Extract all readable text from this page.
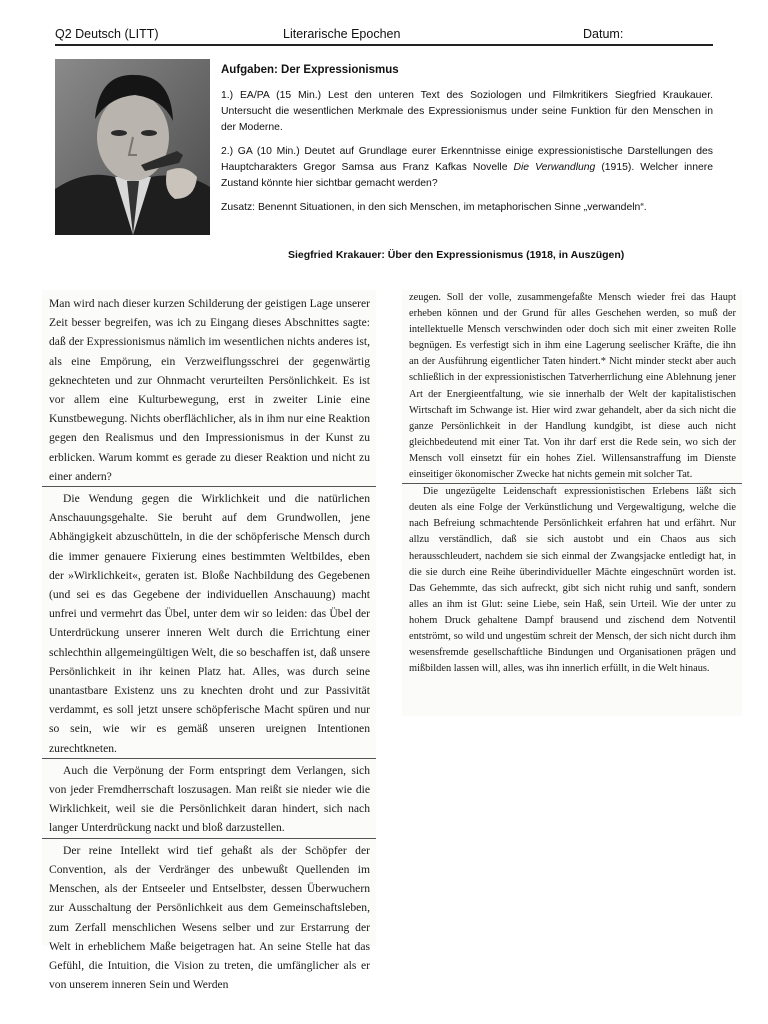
Q2 Deutsch (LITT)	Literarische Epochen	Datum:

Aufgaben: Der Expressionismus

1.) EA/PA (15 Min.) Lest den unteren Text des Soziologen und Filmkritikers Siegfried Kraukauer. Untersucht die wesentlichen Merkmale des Expressionismus under seine Funktion für den Menschen in der Moderne.

2.) GA (10 Min.) Deutet auf Grundlage eurer Erkenntnisse einige expressionistische Darstellungen des Hauptcharakters Gregor Samsa aus Franz Kafkas Novelle Die Verwandlung (1915). Welcher innere Zustand könnte hier sichtbar gemacht werden?

Zusatz: Benennt Situationen, in den sich Menschen, im metaphorischen Sinne „verwandeln“.

Siegfried Krakauer: Über den Expressionismus (1918, in Auszügen)

Man wird nach dieser kurzen Schilderung der geistigen Lage unserer Zeit besser begreifen, was ich zu Eingang dieses Abschnittes sagte: daß der Expressionismus nämlich im wesentlichen nichts anderes ist, als eine Empörung, ein Verzweiflungsschrei der gegenwärtig geknechteten und zur Ohnmacht verurteilten Persönlichkeit. Es ist vor allem eine Kulturbewegung, erst in zweiter Linie eine Kunstbewegung. Nichts oberflächlicher, als in ihm nur eine Reaktion gegen den Realismus und den Impressionismus in der Kunst zu erblicken. Warum kommt es gerade zu dieser Reaktion und nicht zu einer andern?

Die Wendung gegen die Wirklichkeit und die natürlichen Anschauungsgehalte. Sie beruht auf dem Grundwollen, jene Abhängigkeit abzuschütteln, in die der schöpferische Mensch durch die immer genauere Fixierung eines bestimmten Weltbildes, eben der »Wirklichkeit«, geraten ist. Bloße Nachbildung des Gegebenen (und sei es das Gegebene der individuellen Anschauung) macht unfrei und vermehrt das Übel, unter dem wir so leiden: das Übel der Unterdrückung unserer inneren Welt durch die Errichtung einer schlechthin allgemeingültigen Welt, die so beschaffen ist, daß unsere Persönlichkeit in ihr keinen Platz hat. Alles, was durch seine unantastbare Existenz uns zu knechten droht und zur Passivität verdammt, es soll jetzt unsere schöpferische Macht spüren und nur so sein, wie wir es gemäß unseren ureignen Intentionen zurechtkneten.

Auch die Verpönung der Form entspringt dem Verlangen, sich von jeder Fremdherrschaft loszusagen. Man reißt sie nieder wie die Wirklichkeit, weil sie die Persönlichkeit daran hindert, sich nach langer Unterdrückung nackt und bloß darzustellen.

Der reine Intellekt wird tief gehaßt als der Schöpfer der Convention, als der Verdränger des unbewußt Quellenden im Menschen, als der Entseeler und Entselbster, dessen Überwuchern zur Ausschaltung der Persönlichkeit aus dem Gemeinschaftsleben, zum Zerfall menschlichen Wesens selber und zur Erstarrung der Welt in erheblichem Maße beigetragen hat. An seine Stelle hat das Gefühl, die Intuition, die Vision zu treten, die umfänglicher als er von unserem inneren Sein und Werden

zeugen. Soll der volle, zusammengefaßte Mensch wieder frei das Haupt erheben können und der Grund für alles Geschehen werden, so muß der intellektuelle Mensch verschwinden oder doch sich mit einer zweiten Rolle begnügen. Es verfestigt sich in ihm eine Lagerung seelischer Kräfte, die ihn an der Ausführung eigentlicher Taten hindert.* Nicht minder steckt aber auch schließlich in der expressionistischen Tatverherrlichung eine Ablehnung jener Art der Energieentfaltung, wie sie innerhalb der Welt der kapitalistischen Wirtschaft im Schwange ist. Hier wird zwar gehandelt, aber da sich nicht die ganze Persönlichkeit in der Handlung kundgibt, ist diese auch nicht gleichbedeutend mit einer Tat. Von ihr darf erst die Rede sein, wo sich der Mensch voll einsetzt für ein hohes Ziel. Willensanstraffung im Dienste einseitiger ökonomischer Zwecke hat nichts gemein mit solcher Tat.

Die ungezügelte Leidenschaft expressionistischen Erlebens läßt sich deuten als eine Folge der Verkünstlichung und Vergewaltigung, welche die nach Befreiung schmachtende Persönlichkeit erfahren hat und erfährt. Nur allzu verständlich, daß sie sich austobt und ein Chaos aus sich herausschleudert, nachdem sie sich einmal der Zwangsjacke entledigt hat, in die sie durch eine Reihe überindividueller Mächte eingeschnürt worden ist. Das Gehemmte, das sich aufreckt, gibt sich nicht ruhig und sanft, sondern alles an ihm ist Glut: seine Liebe, sein Haß, sein Urteil. Wie der unter zu hohem Druck gehaltene Dampf brausend und zischend dem Notventil entströmt, so wild und ungestüm schreit der Mensch, der sich nicht durch ihm wesensfremde gesellschaftliche Bindungen und Organisationen prägen und mißbilden lassen will, alles, was ihn innerlich erfüllt, in die Welt hinaus.
